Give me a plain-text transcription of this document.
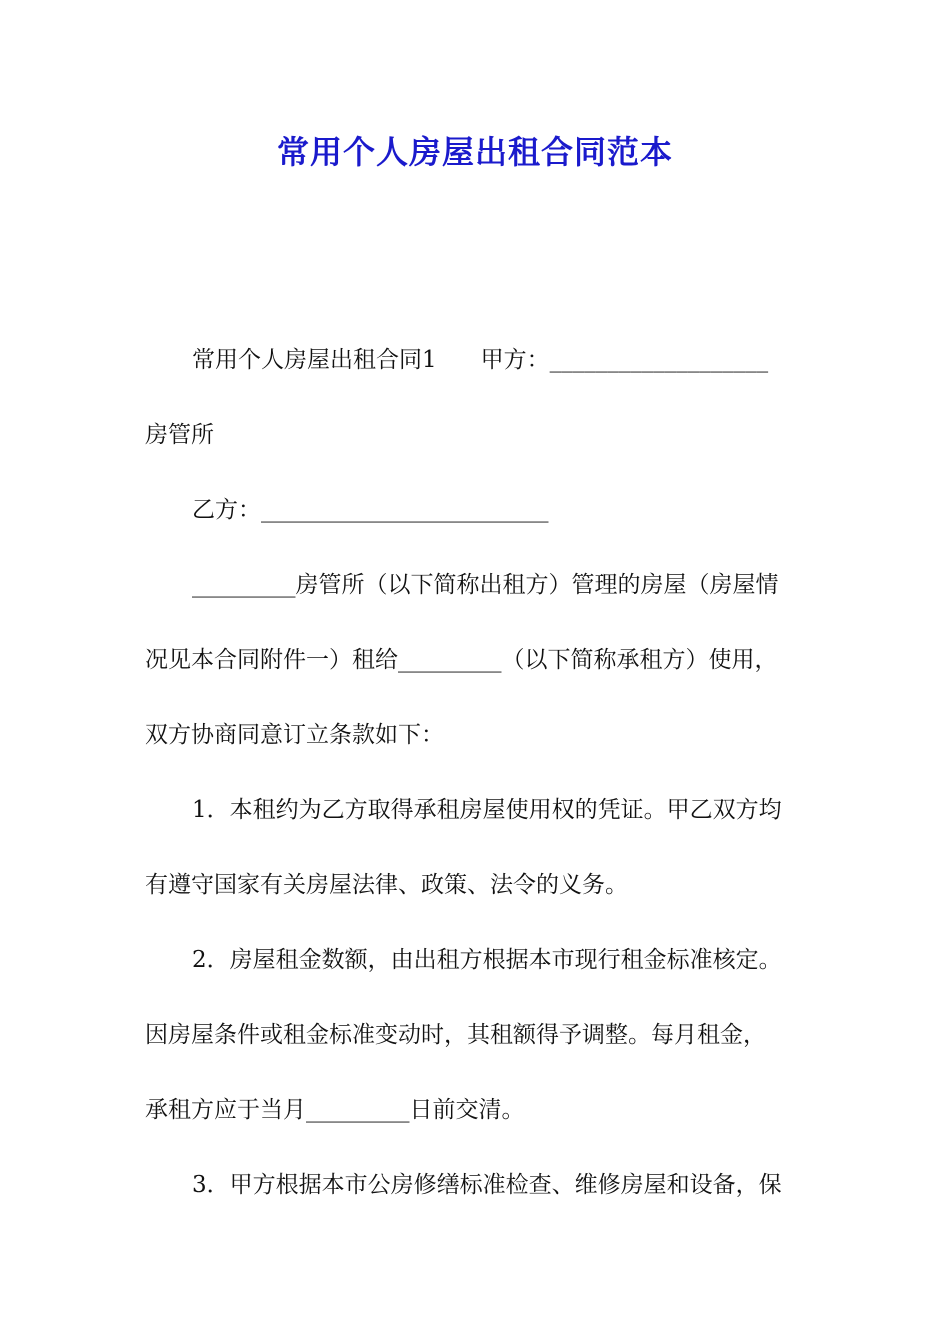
常用个人房屋出租合同范本
常用个人房屋出租合同1 甲方：___________________
房管所
乙方：_________________________
_________房管所（以下简称出租方）管理的房屋（房屋情
况见本合同附件一）租给_________（以下简称承租方）使用，
双方协商同意订立条款如下：
1．本租约为乙方取得承租房屋使用权的凭证。甲乙双方均
有遵守国家有关房屋法律、政策、法令的义务。
2．房屋租金数额，由出租方根据本市现行租金标准核定。
因房屋条件或租金标准变动时，其租额得予调整。每月租金，
承租方应于当月_________日前交清。
3．甲方根据本市公房修缮标准检查、维修房屋和设备，保
